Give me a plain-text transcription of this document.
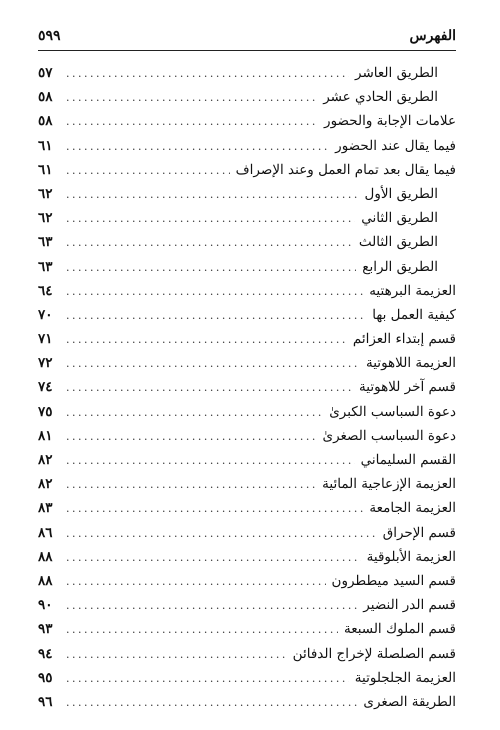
الفهرس
٥٩٩
الطريق العاشر
.....
٥٧
الطريق الحادي عشر
.....
٥٨
علامات الإجابة والحضور
.....
٥٨
فيما يقال عند الحضور
.....
٦١
فيما يقال بعد تمام العمل وعند الإصراف
.....
٦١
الطريق الأول
.....
٦٢
الطريق الثاني
.....
٦٢
الطريق الثالث
.....
٦٣
الطريق الرابع
.....
٦٣
العزيمة البرهتيه
.....
٦٤
كيفية العمل بها
.....
٧٠
قسم إبتداء العزائم
.....
٧١
العزيمة اللاهوتية
.....
٧٢
قسم آخر للاهوتية
.....
٧٤
دعوة السباسب الكبرىٰ
.....
٧٥
دعوة السباسب الصغرىٰ
.....
٨١
القسم السليماني
.....
٨٢
العزيمة الإزعاجية المائية
.....
٨٢
العزيمة الجامعة
.....
٨٣
قسم الإحراق
.....
٨٦
العزيمة الأبلوقية
.....
٨٨
قسم السيد ميططرون
.....
٨٨
قسم الدر النضير
.....
٩٠
قسم الملوك السبعة
.....
٩٣
قسم الصلصلة لإخراج الدفائن
.....
٩٤
العزيمة الجلجلوتية
.....
٩٥
الطريقة الصغرى
.....
٩٦
